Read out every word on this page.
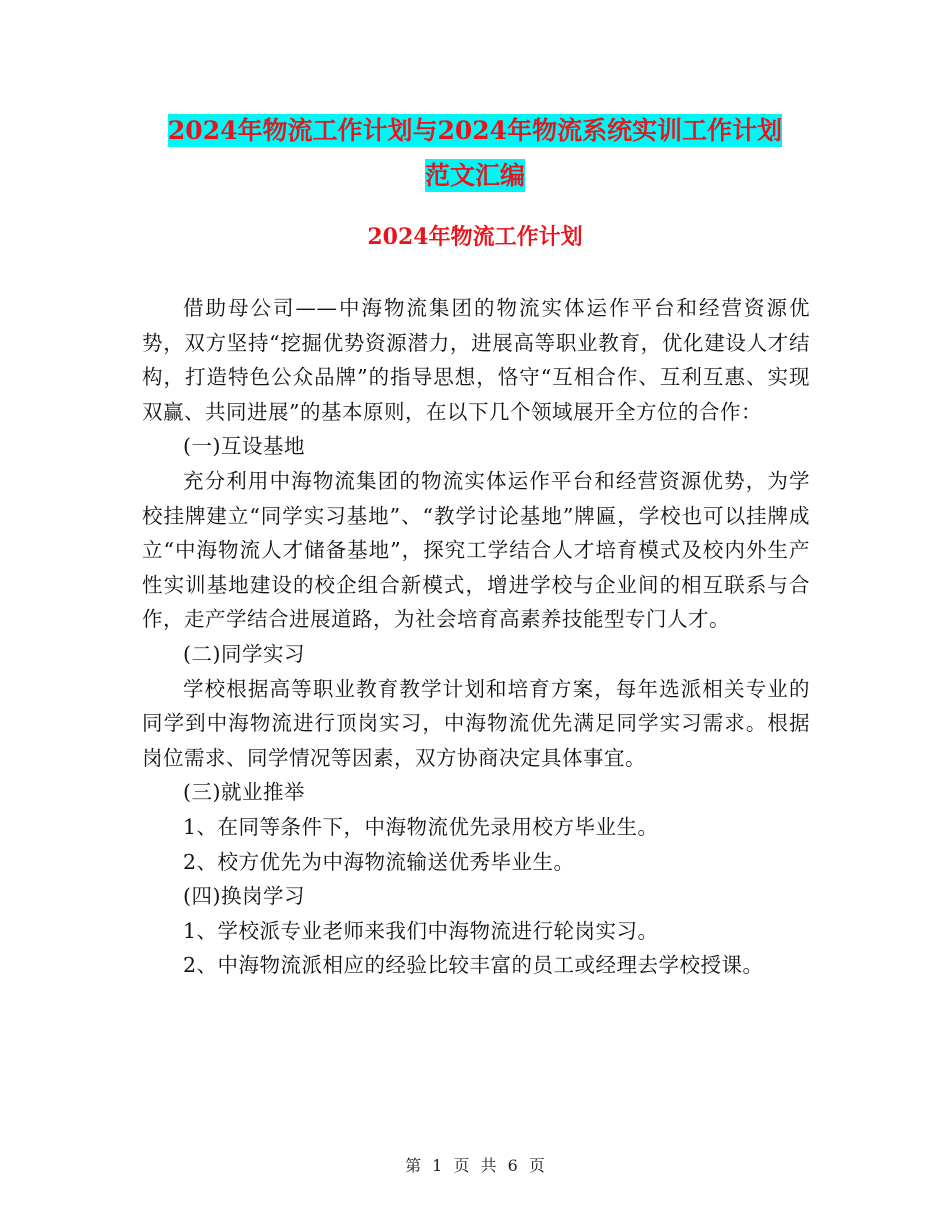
2024年物流工作计划与2024年物流系统实训工作计划
范文汇编
2024年物流工作计划

借助母公司——中海物流集团的物流实体运作平台和经营资源优势，双方坚持“挖掘优势资源潜力，进展高等职业教育，优化建设人才结构，打造特色公众品牌”的指导思想，恪守“互相合作、互利互惠、实现双赢、共同进展”的基本原则，在以下几个领域展开全方位的合作：

(一)互设基地

充分利用中海物流集团的物流实体运作平台和经营资源优势，为学校挂牌建立“同学实习基地”、“教学讨论基地”牌匾，学校也可以挂牌成立“中海物流人才储备基地”，探究工学结合人才培育模式及校内外生产性实训基地建设的校企组合新模式，增进学校与企业间的相互联系与合作，走产学结合进展道路，为社会培育高素养技能型专门人才。

(二)同学实习

学校根据高等职业教育教学计划和培育方案，每年选派相关专业的同学到中海物流进行顶岗实习，中海物流优先满足同学实习需求。根据岗位需求、同学情况等因素，双方协商决定具体事宜。

(三)就业推举

1、在同等条件下，中海物流优先录用校方毕业生。

2、校方优先为中海物流输送优秀毕业生。

(四)换岗学习

1、学校派专业老师来我们中海物流进行轮岗实习。

2、中海物流派相应的经验比较丰富的员工或经理去学校授课。

第 1 页 共 6 页
